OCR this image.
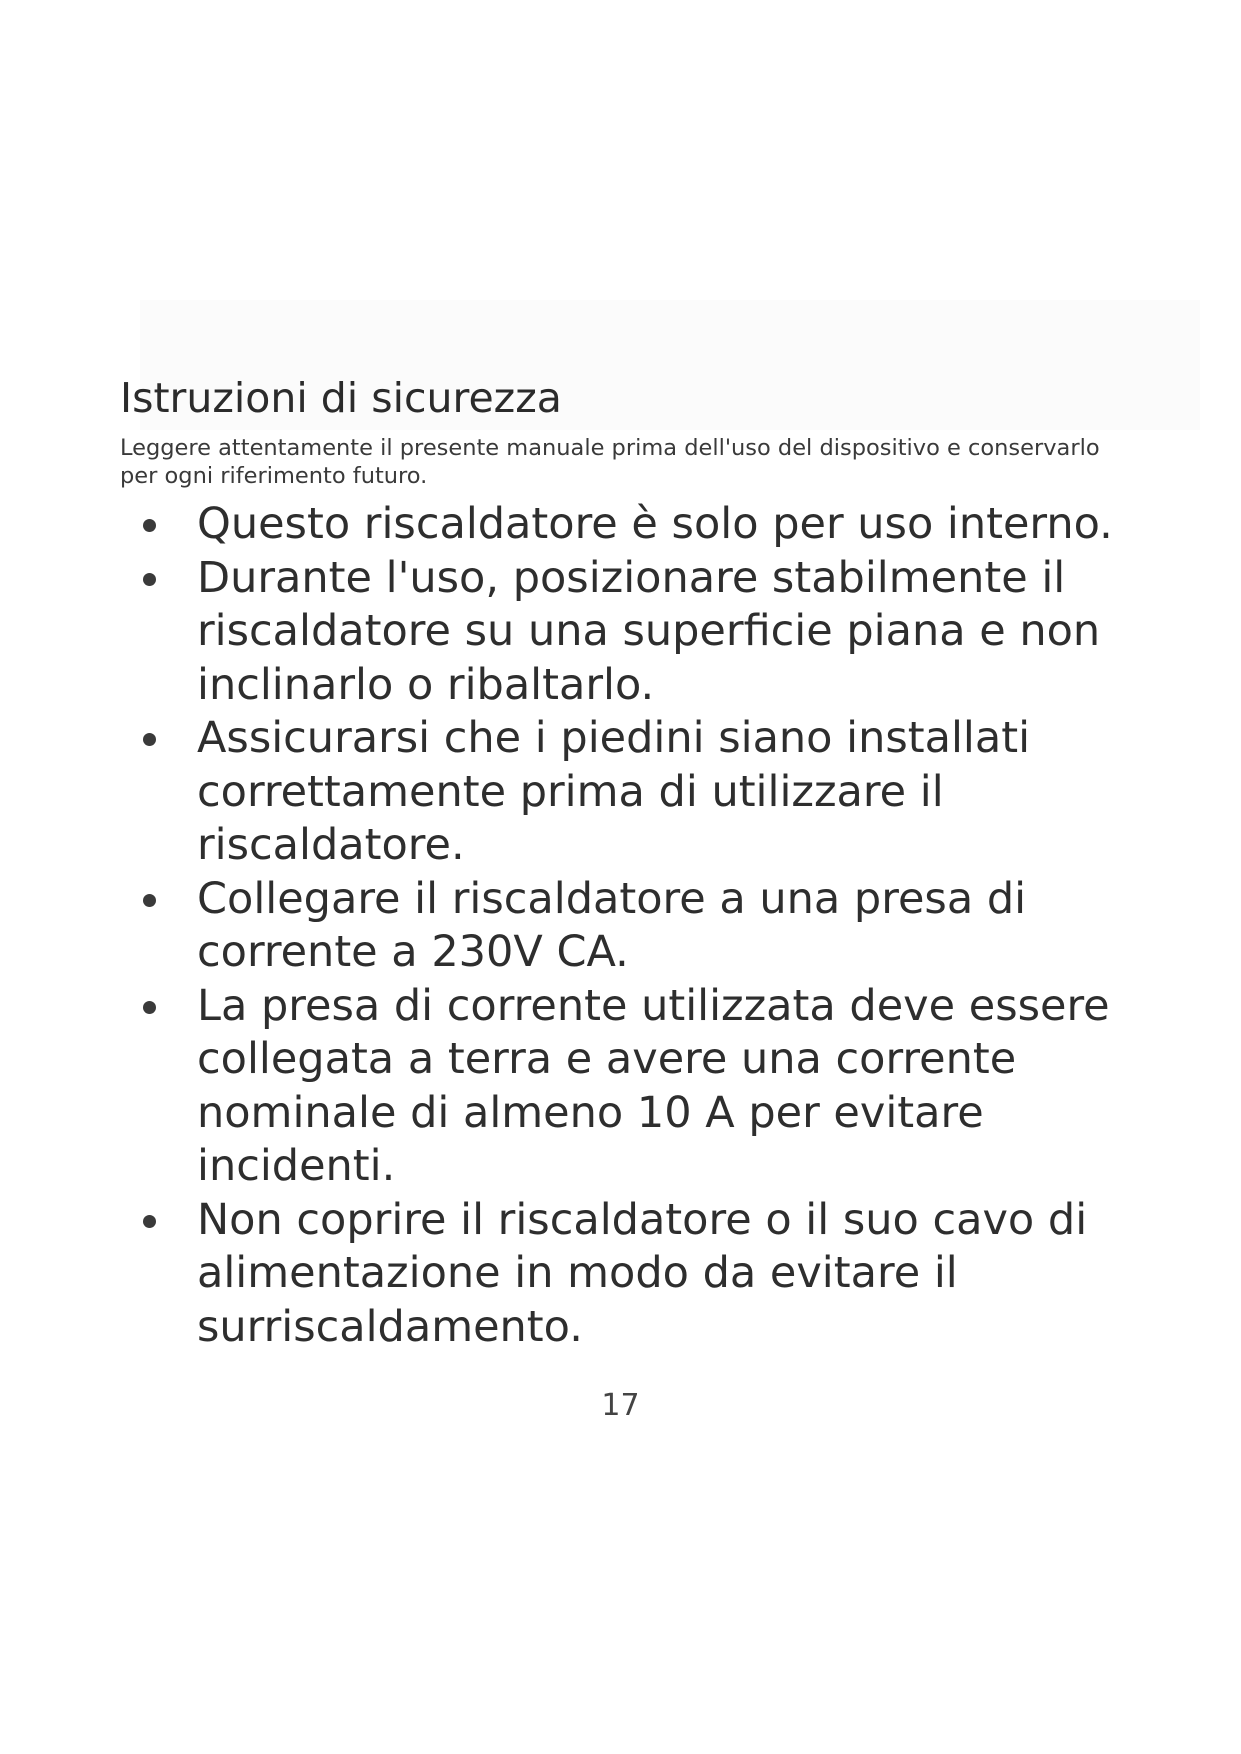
Istruzioni di sicurezza

Leggere attentamente il presente manuale prima dell'uso del dispositivo e conservarlo per ogni riferimento futuro.

Questo riscaldatore è solo per uso interno.
Durante l'uso, posizionare stabilmente il riscaldatore su una superficie piana e non inclinarlo o ribaltarlo.
Assicurarsi che i piedini siano installati correttamente prima di utilizzare il riscaldatore.
Collegare il riscaldatore a una presa di corrente a 230V CA.
La presa di corrente utilizzata deve essere collegata a terra e avere una corrente nominale di almeno 10 A per evitare incidenti.
Non coprire il riscaldatore o il suo cavo di alimentazione in modo da evitare il surriscaldamento.
17
